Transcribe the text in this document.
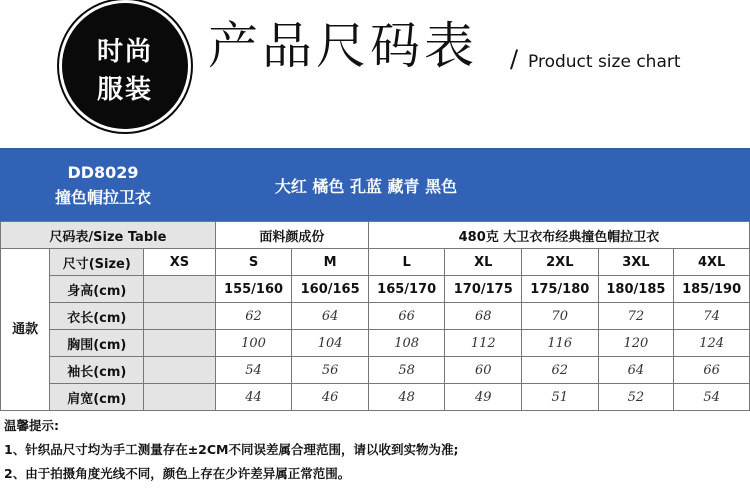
时尚
服装
产品尺码表 / Product size chart
DD8029
撞色帽拉卫衣
大红 橘色 孔蓝 藏青 黑色
尺码表/Size Table			面料颜成份		480克 大卫衣布经典撞色帽拉卫衣				
通款	尺寸(Size)	XS	S	M	L	XL	2XL	3XL	4XL
	身高(cm)		155/160	160/165	165/170	170/175	175/180	180/185	185/190
	衣长(cm)		62	64	66	68	70	72	74
	胸围(cm)		100	104	108	112	116	120	124
	袖长(cm)		54	56	58	60	62	64	66
	肩宽(cm)		44	46	48	49	51	52	54
温馨提示:
1、针织品尺寸均为手工测量存在±2CM不同误差属合理范围，请以收到实物为准;
2、由于拍摄角度光线不同，颜色上存在少许差异属正常范围。
